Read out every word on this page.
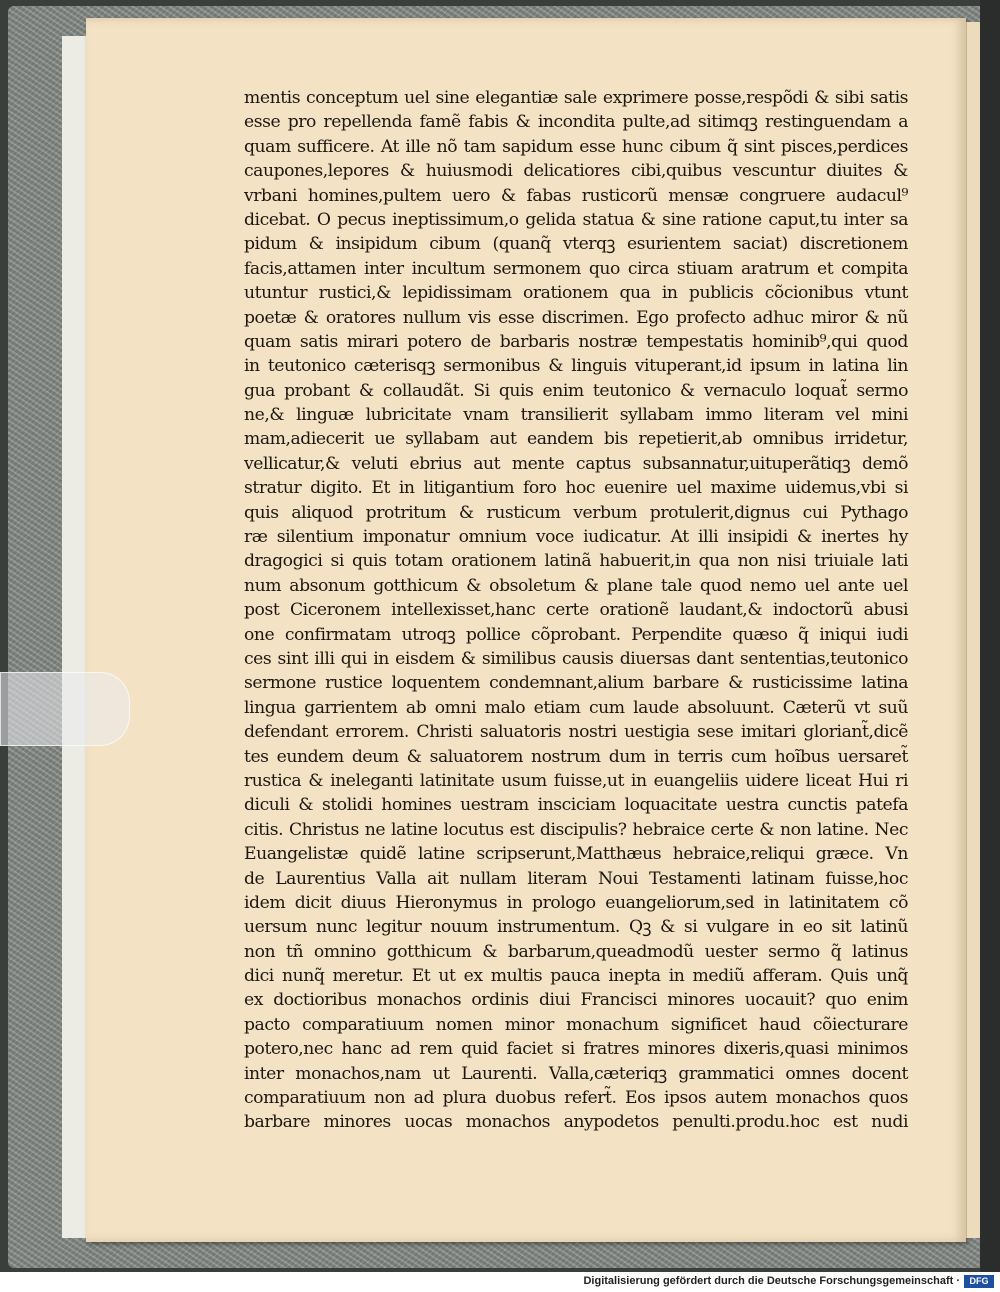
mentis conceptum uel sine elegantiæ sale exprimere posse,respõdi & sibi satis
esse pro repellenda famẽ fabis & incondita pulte,ad sitimqꝫ restinguendam a
quam sufficere. At ille nõ tam sapidum esse hunc cibum q̃ sint pisces,perdices
caupones,lepores & huiusmodi delicatiores cibi,quibus vescuntur diuites &
vrbani homines,pultem uero & fabas rusticorũ mensæ congruere audacul⁹
dicebat. O pecus ineptissimum,o gelida statua & sine ratione caput,tu inter sa
pidum & insipidum cibum (quanq̃ vterqꝫ esurientem saciat) discretionem
facis,attamen inter incultum sermonem quo circa stiuam aratrum et compita
utuntur rustici,& lepidissimam orationem qua in publicis cõcionibus vtunt
poetæ & oratores nullum vis esse discrimen. Ego profecto adhuc miror & nũ
quam satis mirari potero de barbaris nostræ tempestatis hominib⁹,qui quod
in teutonico cæterisqꝫ sermonibus & linguis vituperant,id ipsum in latina lin
gua probant & collaudãt. Si quis enim teutonico & vernaculo loquat̃ sermo
ne,& linguæ lubricitate vnam transilierit syllabam immo literam vel mini
mam,adiecerit ue syllabam aut eandem bis repetierit,ab omnibus irridetur,
vellicatur,& veluti ebrius aut mente captus subsannatur,uituperãtiqꝫ demõ
stratur digito. Et in litigantium foro hoc euenire uel maxime uidemus,vbi si
quis aliquod protritum & rusticum verbum protulerit,dignus cui Pythago
ræ silentium imponatur omnium voce iudicatur. At illi insipidi & inertes hy
dragogici si quis totam orationem latinã habuerit,in qua non nisi triuiale lati
num absonum gotthicum & obsoletum & plane tale quod nemo uel ante uel
post Ciceronem intellexisset,hanc certe orationẽ laudant,& indoctorũ abusi
one confirmatam utroqꝫ pollice cõprobant. Perpendite quæso q̃ iniqui iudi
ces sint illi qui in eisdem & similibus causis diuersas dant sententias,teutonico
sermone rustice loquentem condemnant,alium barbare & rusticissime latina
lingua garrientem ab omni malo etiam cum laude absoluunt. Cæterũ vt suũ
defendant errorem. Christi saluatoris nostri uestigia sese imitari gloriant̃,dicẽ
tes eundem deum & saluatorem nostrum dum in terris cum hoĩbus uersaret̃
rustica & ineleganti latinitate usum fuisse,ut in euangeliis uidere liceat Hui ri
diculi & stolidi homines uestram insciciam loquacitate uestra cunctis patefa
citis. Christus ne latine locutus est discipulis? hebraice certe & non latine. Nec
Euangelistæ quidẽ latine scripserunt,Matthæus hebraice,reliqui græce. Vn
de Laurentius Valla ait nullam literam Noui Testamenti latinam fuisse,hoc
idem dicit diuus Hieronymus in prologo euangeliorum,sed in latinitatem cõ
uersum nunc legitur nouum instrumentum. Qꝫ & si vulgare in eo sit latinũ
non tñ omnino gotthicum & barbarum,queadmodũ uester sermo q̃ latinus
dici nunq̃ meretur. Et ut ex multis pauca inepta in mediũ afferam. Quis unq̃
ex doctioribus monachos ordinis diui Francisci minores uocauit? quo enim
pacto comparatiuum nomen minor monachum significet haud cõiecturare
potero,nec hanc ad rem quid faciet si fratres minores dixeris,quasi minimos
inter monachos,nam ut Laurenti. Valla,cæteriqꝫ grammatici omnes docent
comparatiuum non ad plura duobus refert̃. Eos ipsos autem monachos quos
barbare minores uocas monachos anypodetos penulti.produ.hoc est nudi
Digitalisierung gefördert durch die Deutsche Forschungsgemeinschaft ·	DFG
